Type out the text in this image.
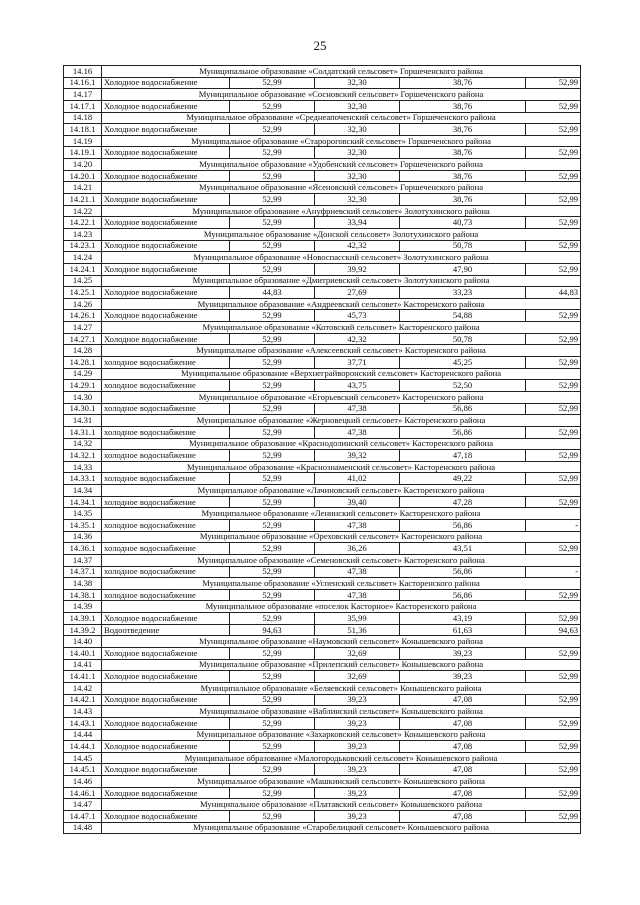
25
14.16	Муниципальное образование «Солдатский сельсовет» Горшеченского района				
14.16.1	Холодное водоснабжение	52,99	32,30	38,76	52,99
14.17	Муниципальное образование «Сосновский сельсовет» Горшеченского района				
14.17.1	Холодное водоснабжение	52,99	32,30	38,76	52,99
14.18	Муниципальное образование «Среднеапоченский сельсовет» Горшеченского района				
14.18.1	Холодное водоснабжение	52,99	32,30	38,76	52,99
14.19	Муниципальное образование «Старороговский сельсовет» Горшеченского района				
14.19.1	Холодное водоснабжение	52,99	32,30	38,76	52,99
14.20	Муниципальное образование «Удобенский сельсовет» Горшеченского района				
14.20.1	Холодное водоснабжение	52,99	32,30	38,76	52,99
14.21	Муниципальное образование «Ясеновский сельсовет» Горшеченского района				
14.21.1	Холодное водоснабжение	52,99	32,30	38,76	52,99
14.22	Муниципальное образование «Ануфриевский сельсовет» Золотухинского района				
14.22.1	Холодное водоснабжение	52,99	33,94	40,73	52,99
14.23	Муниципальное образование «Донской сельсовет» Золотухинского района				
14.23.1	Холодное водоснабжение	52,99	42,32	50,78	52,99
14.24	Муниципальное образование «Новоспасский сельсовет» Золотухинского района				
14.24.1	Холодное водоснабжение	52,99	39,92	47,90	52,99
14.25	Муниципальное образование «Дмитриевский сельсовет» Золотухинского района				
14.25.1	Холодное водоснабжение	44,83	27,69	33,23	44,83
14.26	Муниципальное образование «Андреевский сельсовет» Касторенского района				
14.26.1	Холодное водоснабжение	52,99	45,73	54,88	52,99
14.27	Муниципальное образование «Котовский сельсовет» Касторенского района				
14.27.1	Холодное водоснабжение	52,99	42,32	50,78	52,99
14.28	Муниципальное образование «Алексеевский сельсовет» Касторенского района				
14.28.1	холодное водоснабжение	52,99	37,71	45,25	52,99
14.29	Муниципальное образование «Верхнеграйворонский сельсовет» Касторенского района				
14.29.1	холодное водоснабжение	52,99	43,75	52,50	52,99
14.30	Муниципальное образование «Егорьевский сельсовет» Касторенского района				
14.30.1	холодное водоснабжение	52,99	47,38	56,86	52,99
14.31	Муниципальное образование «Жерновецкий сельсовет» Касторенского района				
14.31.1	холодное водоснабжение	52,99	47,38	56,86	52,99
14.32	Муниципальное образование «Краснодолинский сельсовет» Касторенского района				
14.32.1	холодное водоснабжение	52,99	39,32	47,18	52,99
14.33	Муниципальное образование «Краснознаменский сельсовет» Касторенского района				
14.33.1	холодное водоснабжение	52,99	41,02	49,22	52,99
14.34	Муниципальное образование «Лачиновский сельсовет» Касторенского района				
14.34.1	холодное водоснабжение	52,99	39,40	47,28	52,99
14.35	Муниципальное образование «Ленинский сельсовет» Касторенского района				
14.35.1	холодное водоснабжение	52,99	47,38	56,86	-
14.36	Муниципальное образование «Ореховский сельсовет» Касторенского района				
14.36.1	холодное водоснабжение	52,99	36,26	43,51	52,99
14.37	Муниципальное образование «Семеновский сельсовет» Касторенского района				
14.37.1	холодное водоснабжение	52,99	47,38	56,86	-
14.38	Муниципальное образование «Успенский сельсовет» Касторенского района				
14.38.1	холодное водоснабжение	52,99	47,38	56,86	52,99
14.39	Муниципальное образование «поселок Касторное» Касторенского района				
14.39.1	Холодное водоснабжение	52,99	35,99	43,19	52,99
14.39.2	Водоотведение	94,63	51,36	61,63	94,63
14.40	Муниципальное образование «Наумовский сельсовет» Конышевского района				
14.40.1	Холодное водоснабжение	52,99	32,69	39,23	52,99
14.41	Муниципальное образование «Прилепский сельсовет» Конышевского района				
14.41.1	Холодное водоснабжение	52,99	32,69	39,23	52,99
14.42	Муниципальное образование «Беляевский сельсовет» Конышевского района				
14.42.1	Холодное водоснабжение	52,99	39,23	47,08	52,99
14.43	Муниципальное образование «Ваблинский сельсовет» Конышевского района				
14.43.1	Холодное водоснабжение	52,99	39,23	47,08	52,99
14.44	Муниципальное образование «Захарковский сельсовет» Конышевского района				
14.44.1	Холодное водоснабжение	52,99	39,23	47,08	52,99
14.45	Муниципальное образование «Малогородьковский сельсовет» Конышевского района				
14.45.1	Холодное водоснабжение	52,99	39,23	47,08	52,99
14.46	Муниципальное образование «Машкинский сельсовет» Конышевского района				
14.46.1	Холодное водоснабжение	52,99	39,23	47,08	52,99
14.47	Муниципальное образование «Платавский сельсовет» Конышевского района				
14.47.1	Холодное водоснабжение	52,99	39,23	47,08	52,99
14.48	Муниципальное образование «Старобелицкий сельсовет» Конышевского района				
